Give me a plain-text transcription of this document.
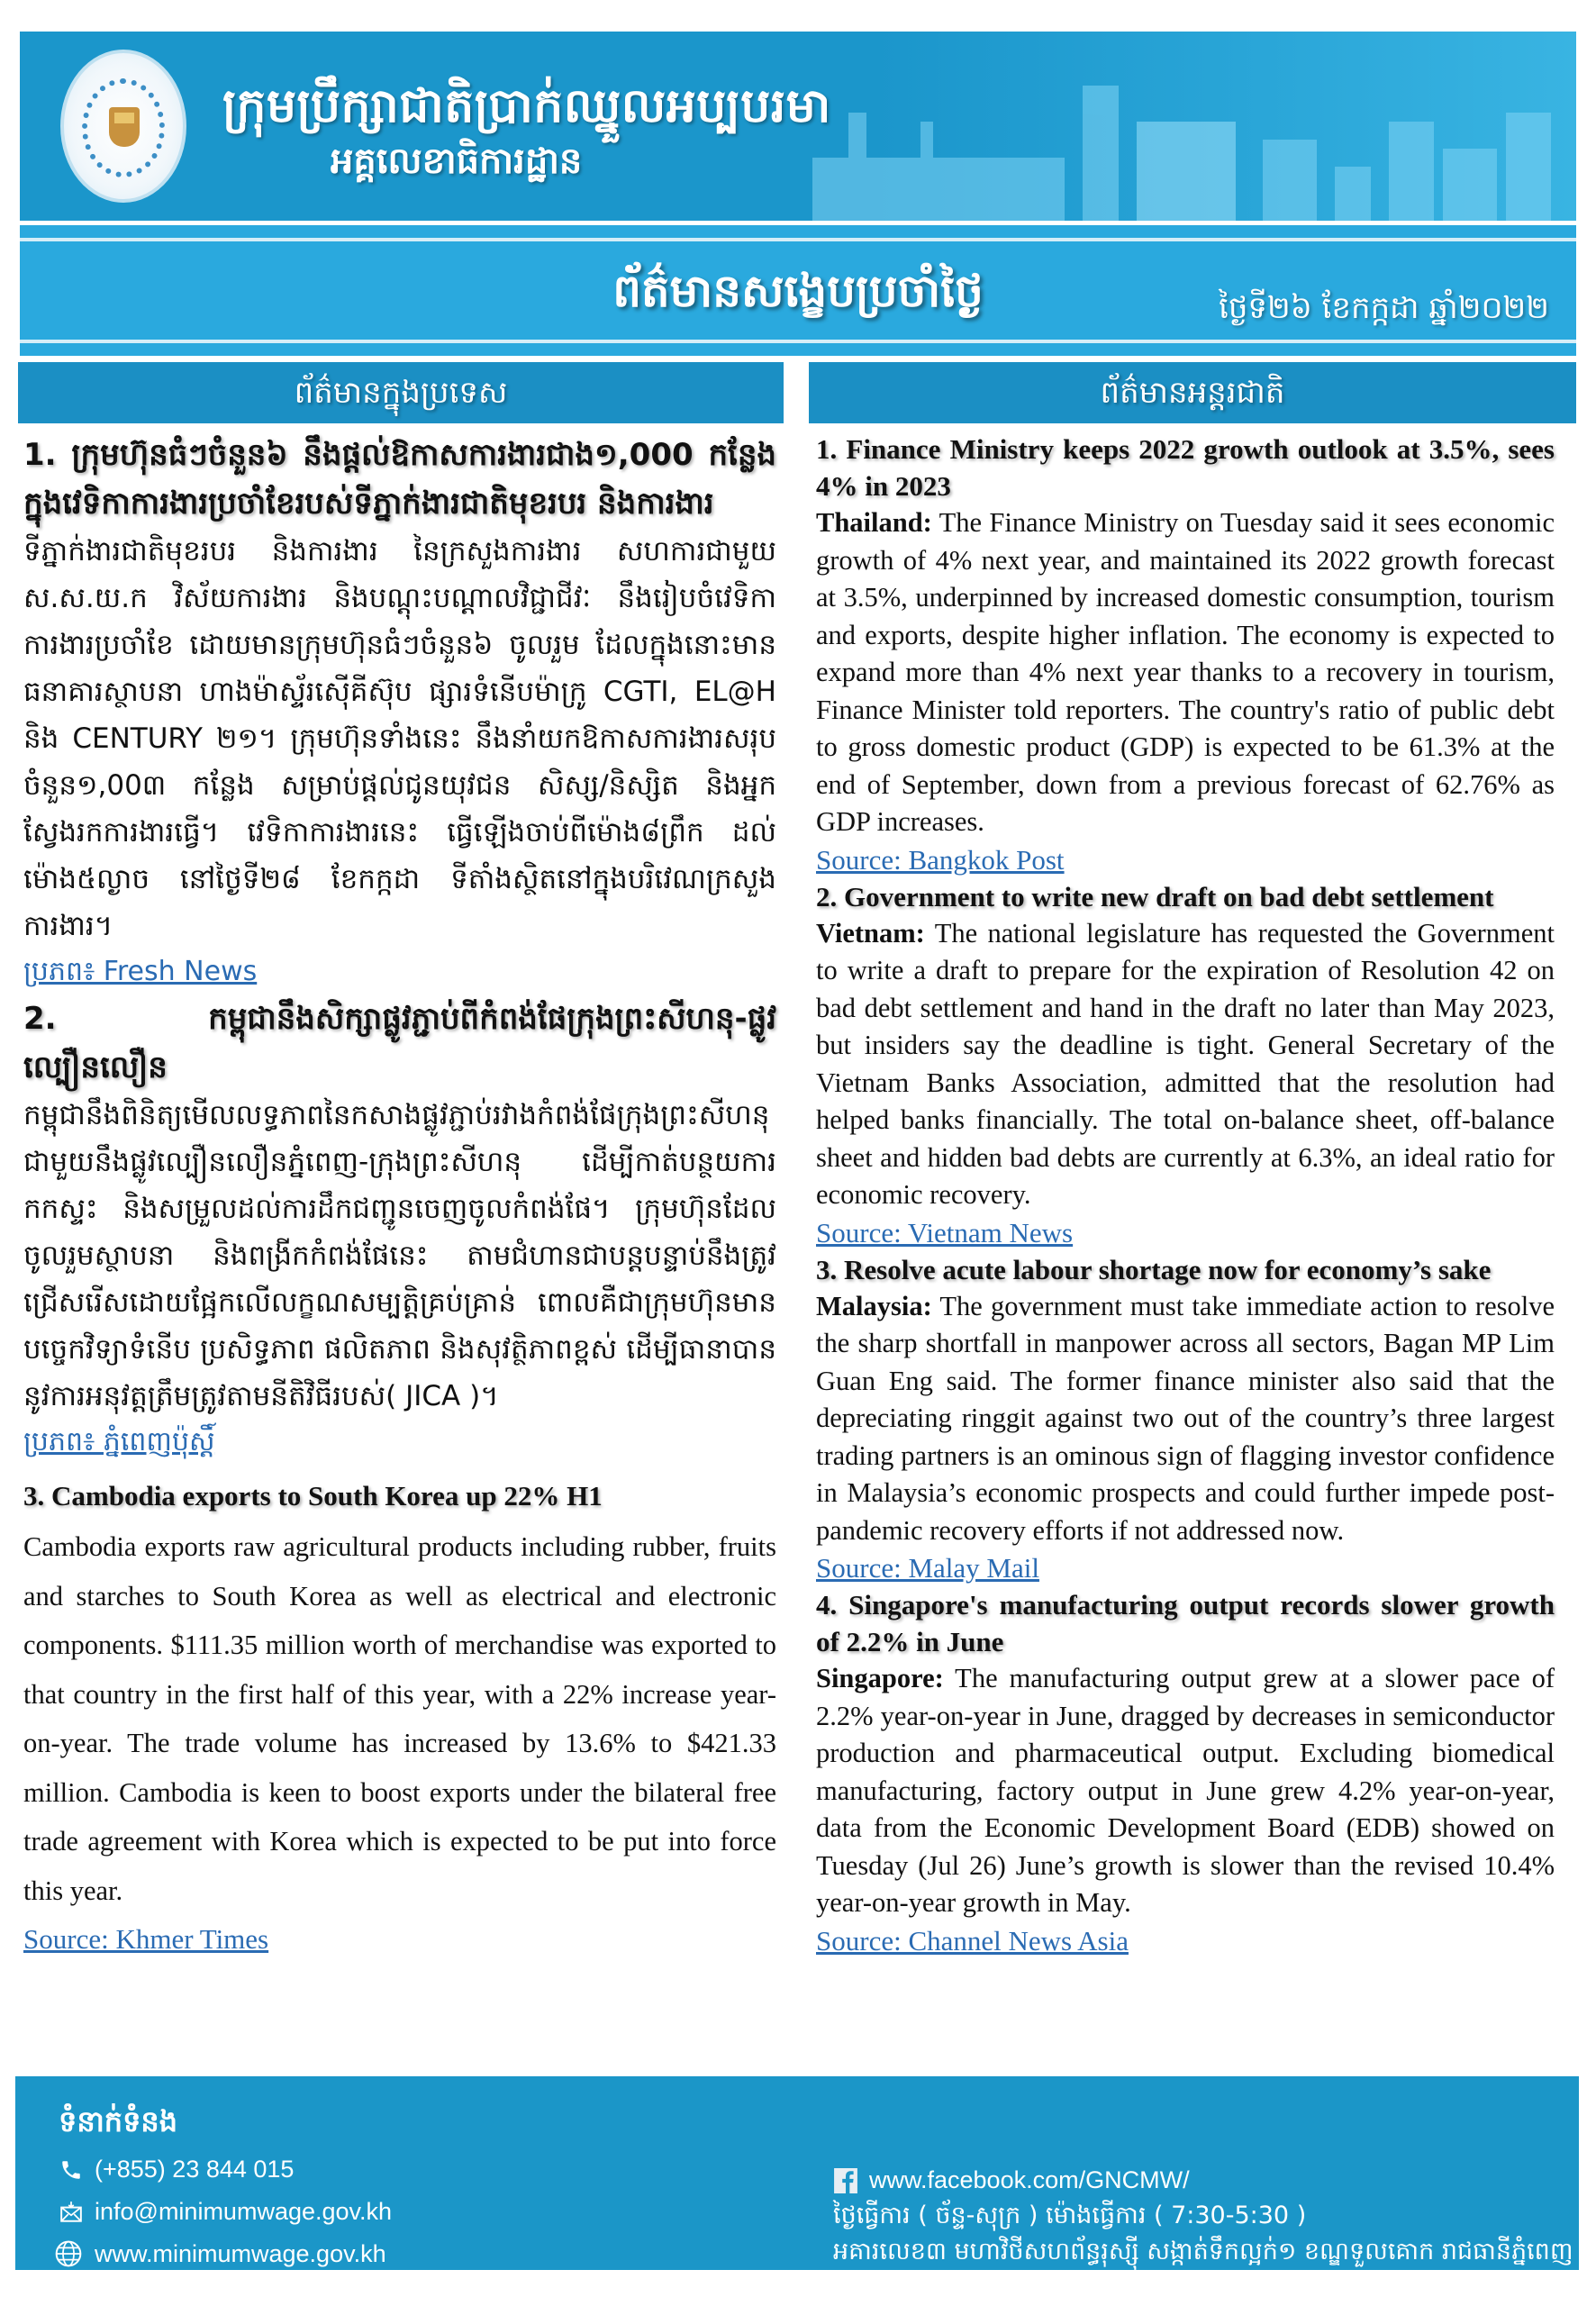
ក្រុមប្រឹក្សាជាតិប្រាក់ឈ្នួលអប្បបរមា
អគ្គលេខាធិការដ្ឋាន
ព័ត៌មានសង្ខេបប្រចាំថ្ងៃ	ថ្ងៃទី២៦ ខែកក្កដា ឆ្នាំ២០២២
ព័ត៌មានក្នុងប្រទេស	ព័ត៌មានអន្តរជាតិ
1. ក្រុមហ៊ុនធំៗចំនួន៦ នឹងផ្តល់ឱកាសការងារជាង១,000 កន្លែង ក្នុងវេទិកាការងារប្រចាំខែរបស់ទីភ្នាក់ងារជាតិមុខរបរ និងការងារ
ទីភ្នាក់ងារជាតិមុខរបរ និងការងារ នៃក្រសួងការងារ សហការជាមួយ ស.ស.យ.ក វិស័យការងារ និងបណ្តុះបណ្តាលវិជ្ជាជីវៈ នឹងរៀបចំវេទិកាការងារប្រចាំខែ ដោយមានក្រុមហ៊ុនធំៗចំនួន៦ ចូលរួម ដែលក្នុងនោះមាន ធនាគារស្ថាបនា ហាងម៉ាស្ទ័រស៊ើគីស៊ុប ផ្សារទំនើបម៉ាក្រូ CGTI, EL@H និង CENTURY ២១។ ក្រុមហ៊ុនទាំងនេះ នឹងនាំយកឱកាសការងារសរុប ចំនួន១,00៣ កន្លែង សម្រាប់ផ្តល់ជូនយុវជន សិស្ស/និស្សិត និងអ្នកស្វែងរកការងារធ្វើ។ វេទិកាការងារនេះ ធ្វើឡើងចាប់ពីម៉ោង៨ព្រឹក ដល់ម៉ោង៥ល្ងាច នៅថ្ងៃទី២៨ ខែកក្កដា ទីតាំងស្ថិតនៅក្នុងបរិវេណក្រសួងការងារ។
ប្រភព៖ Fresh News
2. កម្ពុជានឹងសិក្សាផ្លូវភ្ជាប់ពីកំពង់ផែក្រុងព្រះសីហនុ-ផ្លូវល្បឿនលឿន
កម្ពុជានឹងពិនិត្យមើលលទ្ធភាពនៃកសាងផ្លូវភ្ជាប់រវាងកំពង់ផែក្រុងព្រះសីហនុ ជាមួយនឹងផ្លូវល្បឿនលឿនភ្នំពេញ-ក្រុងព្រះសីហនុ ដើម្បីកាត់បន្ថយការកកស្ទះ និងសម្រួលដល់ការដឹកជញ្ជូនចេញចូលកំពង់ផែ។ ក្រុមហ៊ុនដែលចូលរួមស្ថាបនា និងពង្រីកកំពង់ផែនេះ តាមជំហានជាបន្តបន្ទាប់នឹងត្រូវជ្រើសរើសដោយផ្អែកលើលក្ខណសម្បត្តិគ្រប់គ្រាន់ ពោលគឺជាក្រុមហ៊ុនមានបច្ចេកវិទ្យាទំនើប ប្រសិទ្ធភាព ផលិតភាព និងសុវត្ថិភាពខ្ពស់ ដើម្បីធានាបាននូវការអនុវត្តត្រឹមត្រូវតាមនីតិវិធីរបស់( JICA )។
ប្រភព៖ ភ្នំពេញប៉ុស្តិ៍
3. Cambodia exports to South Korea up 22% H1
Cambodia exports raw agricultural products including rubber, fruits and starches to South Korea as well as electrical and electronic components. $111.35 million worth of merchandise was exported to that country in the first half of this year, with a 22% increase year-on-year. The trade volume has increased by 13.6% to $421.33 million. Cambodia is keen to boost exports under the bilateral free trade agreement with Korea which is expected to be put into force this year.
Source: Khmer Times
1. Finance Ministry keeps 2022 growth outlook at 3.5%, sees 4% in 2023
Thailand: The Finance Ministry on Tuesday said it sees economic growth of 4% next year, and maintained its 2022 growth forecast at 3.5%, underpinned by increased domestic consumption, tourism and exports, despite higher inflation. The economy is expected to expand more than 4% next year thanks to a recovery in tourism, Finance Minister told reporters. The country's ratio of public debt to gross domestic product (GDP) is expected to be 61.3% at the end of September, down from a previous forecast of 62.76% as GDP increases.
Source: Bangkok Post
2. Government to write new draft on bad debt settlement
Vietnam: The national legislature has requested the Government to write a draft to prepare for the expiration of Resolution 42 on bad debt settlement and hand in the draft no later than May 2023, but insiders say the deadline is tight. General Secretary of the Vietnam Banks Association, admitted that the resolution had helped banks financially. The total on-balance sheet, off-balance sheet and hidden bad debts are currently at 6.3%, an ideal ratio for economic recovery.
Source: Vietnam News
3. Resolve acute labour shortage now for economy’s sake
Malaysia: The government must take immediate action to resolve the sharp shortfall in manpower across all sectors, Bagan MP Lim Guan Eng said. The former finance minister also said that the depreciating ringgit against two out of the country’s three largest trading partners is an ominous sign of flagging investor confidence in Malaysia’s economic prospects and could further impede post-pandemic recovery efforts if not addressed now.
Source: Malay Mail
4. Singapore's manufacturing output records slower growth of 2.2% in June
Singapore: The manufacturing output grew at a slower pace of 2.2% year-on-year in June, dragged by decreases in semiconductor production and pharmaceutical output. Excluding biomedical manufacturing, factory output in June grew 4.2% year-on-year, data from the Economic Development Board (EDB) showed on Tuesday (Jul 26) June’s growth is slower than the revised 10.4% year-on-year growth in May.
Source: Channel News Asia
ទំនាក់ទំនង
(+855) 23 844 015
info@minimumwage.gov.kh
www.minimumwage.gov.kh
www.facebook.com/GNCMW/
ថ្ងៃធ្វើការ ( ច័ន្ទ-សុក្រ ) ម៉ោងធ្វើការ ( 7:30-5:30 )
អគារលេខ៣ មហាវិថីសហព័ន្ធរុស្ស៊ី សង្កាត់ទឹកល្អក់១ ខណ្ឌទួលគោក រាជធានីភ្នំពេញ
